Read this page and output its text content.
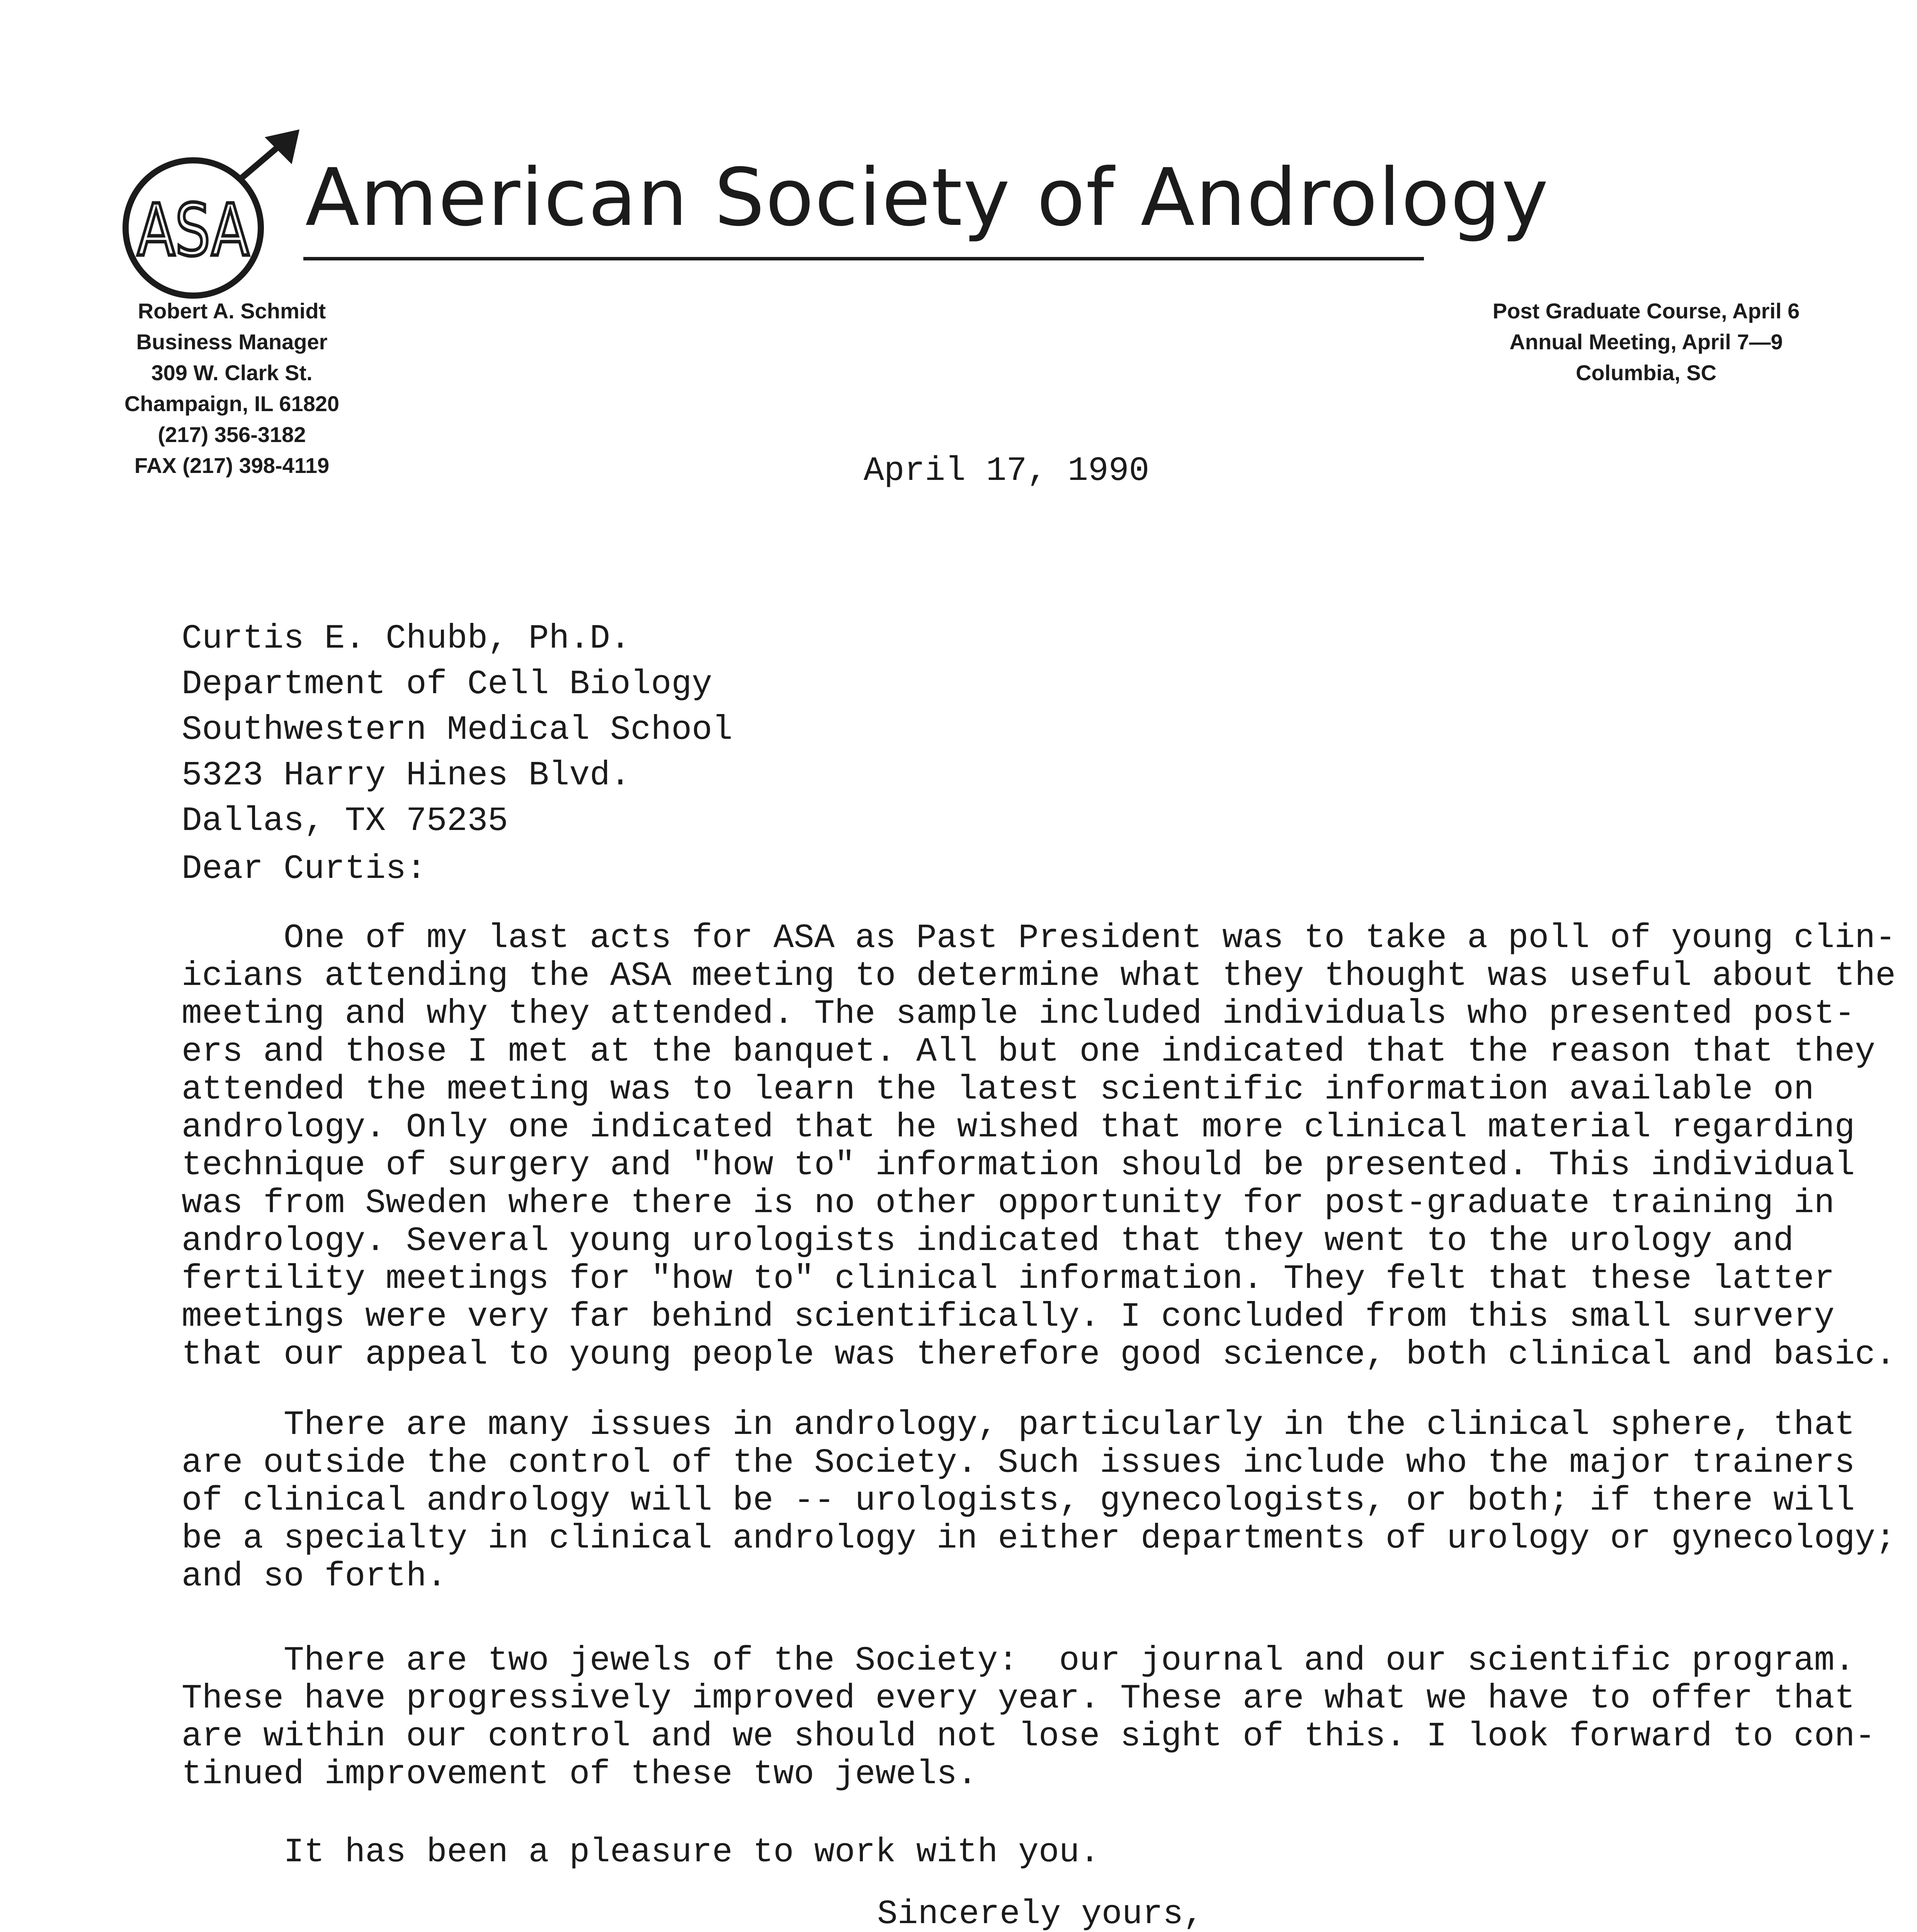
ASA American Society of Andrology
Robert A. Schmidt
Business Manager
309 W. Clark St.
Champaign, IL 61820
(217) 356-3182
FAX (217) 398-4119
Post Graduate Course, April 6
Annual Meeting, April 7—9
Columbia, SC
April 17, 1990
Curtis E. Chubb, Ph.D.
Department of Cell Biology
Southwestern Medical School
5323 Harry Hines Blvd.
Dallas, TX 75235
Dear Curtis:
One of my last acts for ASA as Past President was to take a poll of young clin-
icians attending the ASA meeting to determine what they thought was useful about the
meeting and why they attended. The sample included individuals who presented post-
ers and those I met at the banquet. All but one indicated that the reason that they
attended the meeting was to learn the latest scientific information available on
andrology. Only one indicated that he wished that more clinical material regarding
technique of surgery and "how to" information should be presented. This individual
was from Sweden where there is no other opportunity for post-graduate training in
andrology. Several young urologists indicated that they went to the urology and
fertility meetings for "how to" clinical information. They felt that these latter
meetings were very far behind scientifically. I concluded from this small survery
that our appeal to young people was therefore good science, both clinical and basic.
There are many issues in andrology, particularly in the clinical sphere, that
are outside the control of the Society. Such issues include who the major trainers
of clinical andrology will be -- urologists, gynecologists, or both; if there will
be a specialty in clinical andrology in either departments of urology or gynecology;
and so forth.
There are two jewels of the Society:  our journal and our scientific program.
These have progressively improved every year. These are what we have to offer that
are within our control and we should not lose sight of this. I look forward to con-
tinued improvement of these two jewels.
It has been a pleasure to work with you.
Sincerely yours,
